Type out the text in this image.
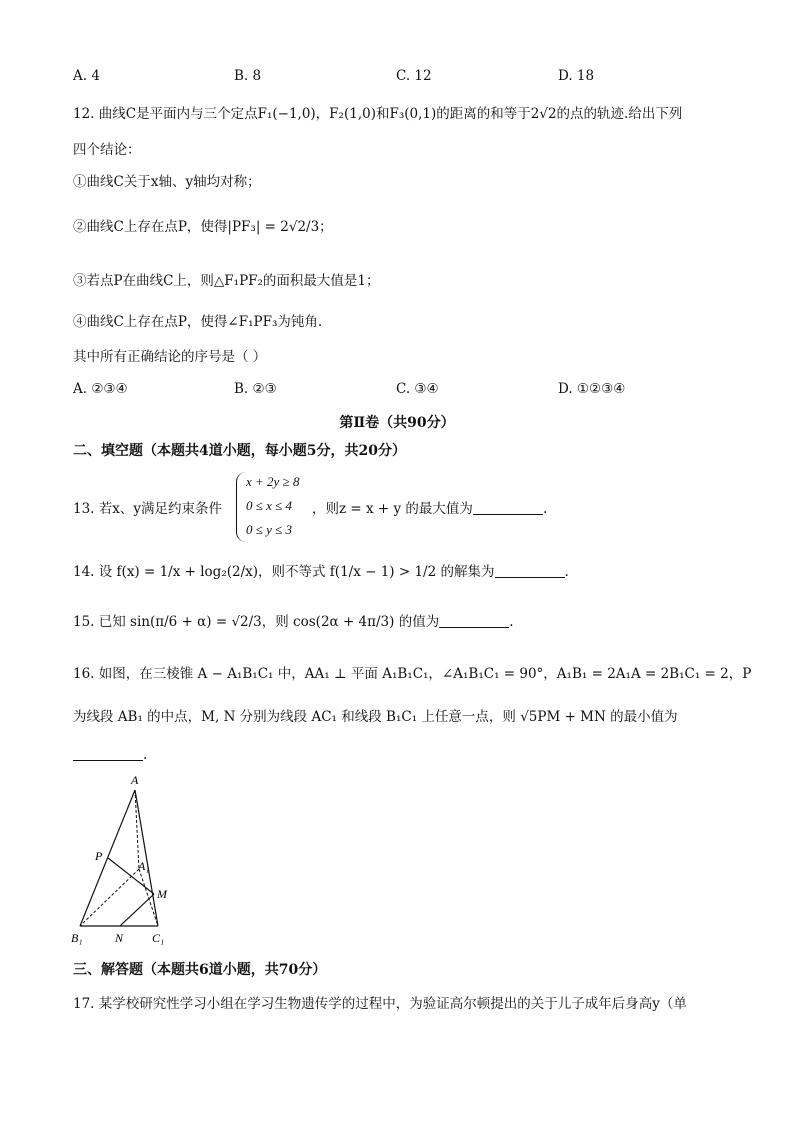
A. 4	B. 8	C. 12	D. 18
12. 曲线C是平面内与三个定点F₁(−1,0)，F₂(1,0)和F₃(0,1)的距离的和等于2√2的点的轨迹.给出下列
四个结论：
①曲线C关于x轴、y轴均对称；
②曲线C上存在点P，使得|PF₃| = 2√2/3；
③若点P在曲线C上，则△F₁PF₂的面积最大值是1；
④曲线C上存在点P，使得∠F₁PF₃为钝角.
其中所有正确结论的序号是（ ）
A. ②③④	B. ②③	C. ③④	D. ①②③④
第Ⅱ卷（共90分）
二、填空题（本题共4道小题，每小题5分，共20分）
13. 若x、y满足约束条件
x + 2y ≥ 8
0 ≤ x ≤ 4
0 ≤ y ≤ 3
，则z = x + y 的最大值为	.
14. 设 f(x) = 1/x + log₂(2/x)，则不等式 f(1/x − 1) > 1/2 的解集为	.
15. 已知 sin(π/6 + α) = √2/3，则 cos(2α + 4π/3) 的值为	.
16. 如图，在三棱锥 A − A₁B₁C₁ 中，AA₁ ⊥ 平面 A₁B₁C₁，∠A₁B₁C₁ = 90°，A₁B₁ = 2A₁A = 2B₁C₁ = 2，P
为线段 AB₁ 的中点，M, N 分别为线段 AC₁ 和线段 B₁C₁ 上任意一点，则 √5PM + MN 的最小值为
.
A
P
A₁
M
B₁	N C₁
三、解答题（本题共6道小题，共70分）
17. 某学校研究性学习小组在学习生物遗传学的过程中，为验证高尔顿提出的关于儿子成年后身高y（单
